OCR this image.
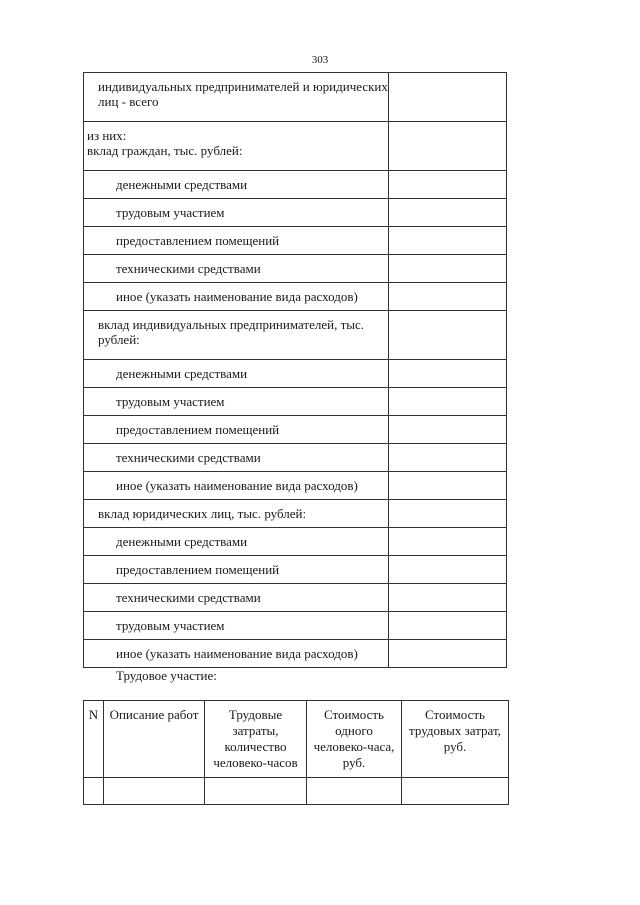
303
индивидуальных предпринимателей и юридических лиц - всего	
из них:
вклад граждан, тыс. рублей:	
денежными средствами	
трудовым участием	
предоставлением помещений	
техническими средствами	
иное (указать наименование вида расходов)	
вклад индивидуальных предпринимателей, тыс. рублей:	
денежными средствами	
трудовым участием	
предоставлением помещений	
техническими средствами	
иное (указать наименование вида расходов)	
вклад юридических лиц, тыс. рублей:	
денежными средствами	
предоставлением помещений	
техническими средствами	
трудовым участием	
иное (указать наименование вида расходов)	
Трудовое участие:
N	Описание работ	Трудовые затраты, количество человеко-часов	Стоимость одного человеко-часа, руб.	Стоимость трудовых затрат, руб.
